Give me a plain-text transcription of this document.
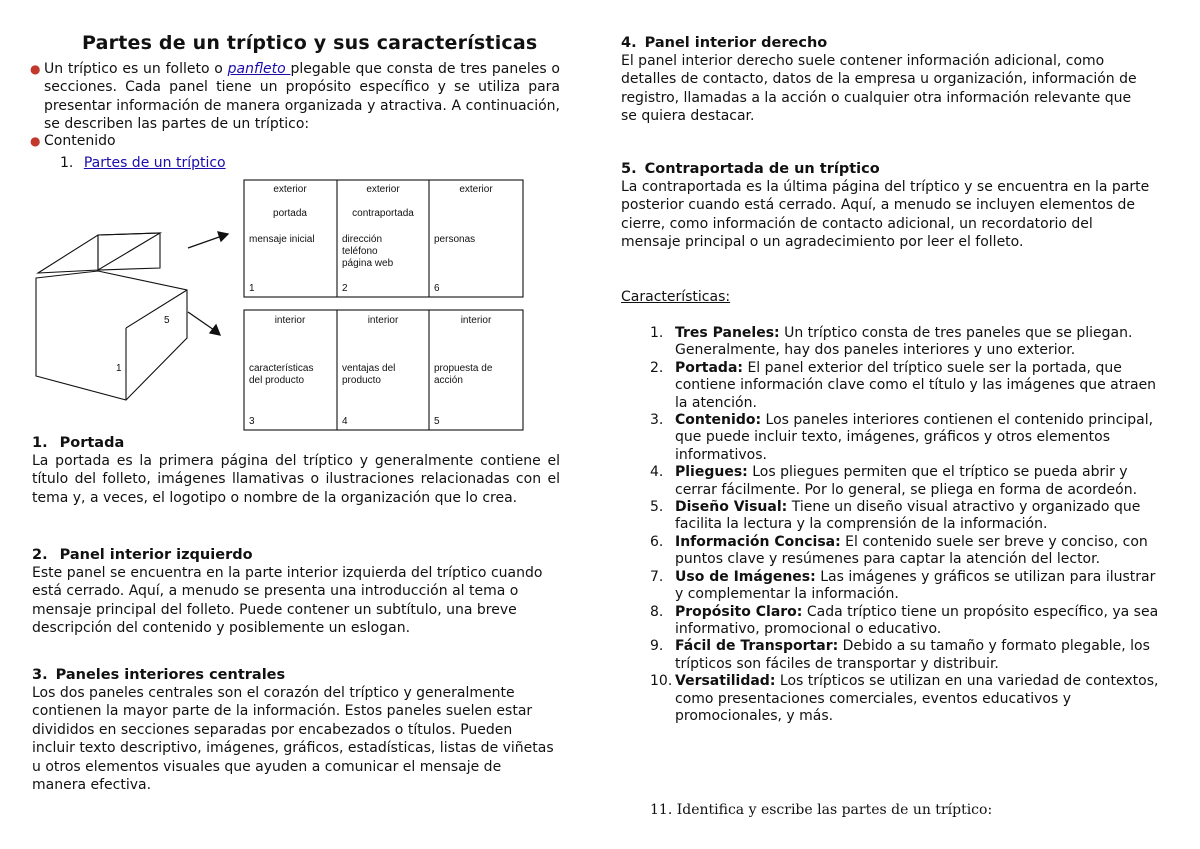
Partes de un tríptico y sus características
● Un tríptico es un folleto o panfleto plegable que consta de tres paneles o secciones. Cada panel tiene un propósito específico y se utiliza para presentar información de manera organizada y atractiva. A continuación, se describen las partes de un tríptico:
● Contenido
1. Partes de un tríptico
5
1
exterior
portada
mensaje inicial
1
exterior
contraportada
dirección
teléfono
página web
2
exterior
personas
6
interior
características
del producto
3
interior
ventajas del
producto
4
interior
propuesta de
acción
5

1. Portada

La portada es la primera página del tríptico y generalmente contiene el título del folleto, imágenes llamativas o ilustraciones relacionadas con el tema y, a veces, el logotipo o nombre de la organización que lo crea.

2. Panel interior izquierdo

Este panel se encuentra en la parte interior izquierda del tríptico cuando está cerrado. Aquí, a menudo se presenta una introducción al tema o mensaje principal del folleto. Puede contener un subtítulo, una breve descripción del contenido y posiblemente un eslogan.

3. Paneles interiores centrales

Los dos paneles centrales son el corazón del tríptico y generalmente contienen la mayor parte de la información. Estos paneles suelen estar divididos en secciones separadas por encabezados o títulos. Pueden incluir texto descriptivo, imágenes, gráficos, estadísticas, listas de viñetas u otros elementos visuales que ayuden a comunicar el mensaje de manera efectiva.

4. Panel interior derecho

El panel interior derecho suele contener información adicional, como detalles de contacto, datos de la empresa u organización, información de registro, llamadas a la acción o cualquier otra información relevante que se quiera destacar.

5. Contraportada de un tríptico

La contraportada es la última página del tríptico y se encuentra en la parte posterior cuando está cerrado. Aquí, a menudo se incluyen elementos de cierre, como información de contacto adicional, un recordatorio del mensaje principal o un agradecimiento por leer el folleto.
Características:
1. Tres Paneles: Un tríptico consta de tres paneles que se pliegan. Generalmente, hay dos paneles interiores y uno exterior.
2. Portada: El panel exterior del tríptico suele ser la portada, que contiene información clave como el título y las imágenes que atraen la atención.
3. Contenido: Los paneles interiores contienen el contenido principal, que puede incluir texto, imágenes, gráficos y otros elementos informativos.
4. Pliegues: Los pliegues permiten que el tríptico se pueda abrir y cerrar fácilmente. Por lo general, se pliega en forma de acordeón.
5. Diseño Visual: Tiene un diseño visual atractivo y organizado que facilita la lectura y la comprensión de la información.
6. Información Concisa: El contenido suele ser breve y conciso, con puntos clave y resúmenes para captar la atención del lector.
7. Uso de Imágenes: Las imágenes y gráficos se utilizan para ilustrar y complementar la información.
8. Propósito Claro: Cada tríptico tiene un propósito específico, ya sea informativo, promocional o educativo.
9. Fácil de Transportar: Debido a su tamaño y formato plegable, los trípticos son fáciles de transportar y distribuir.
10. Versatilidad: Los trípticos se utilizan en una variedad de contextos, como presentaciones comerciales, eventos educativos y promocionales, y más.
11. Identifica y escribe las partes de un tríptico:
